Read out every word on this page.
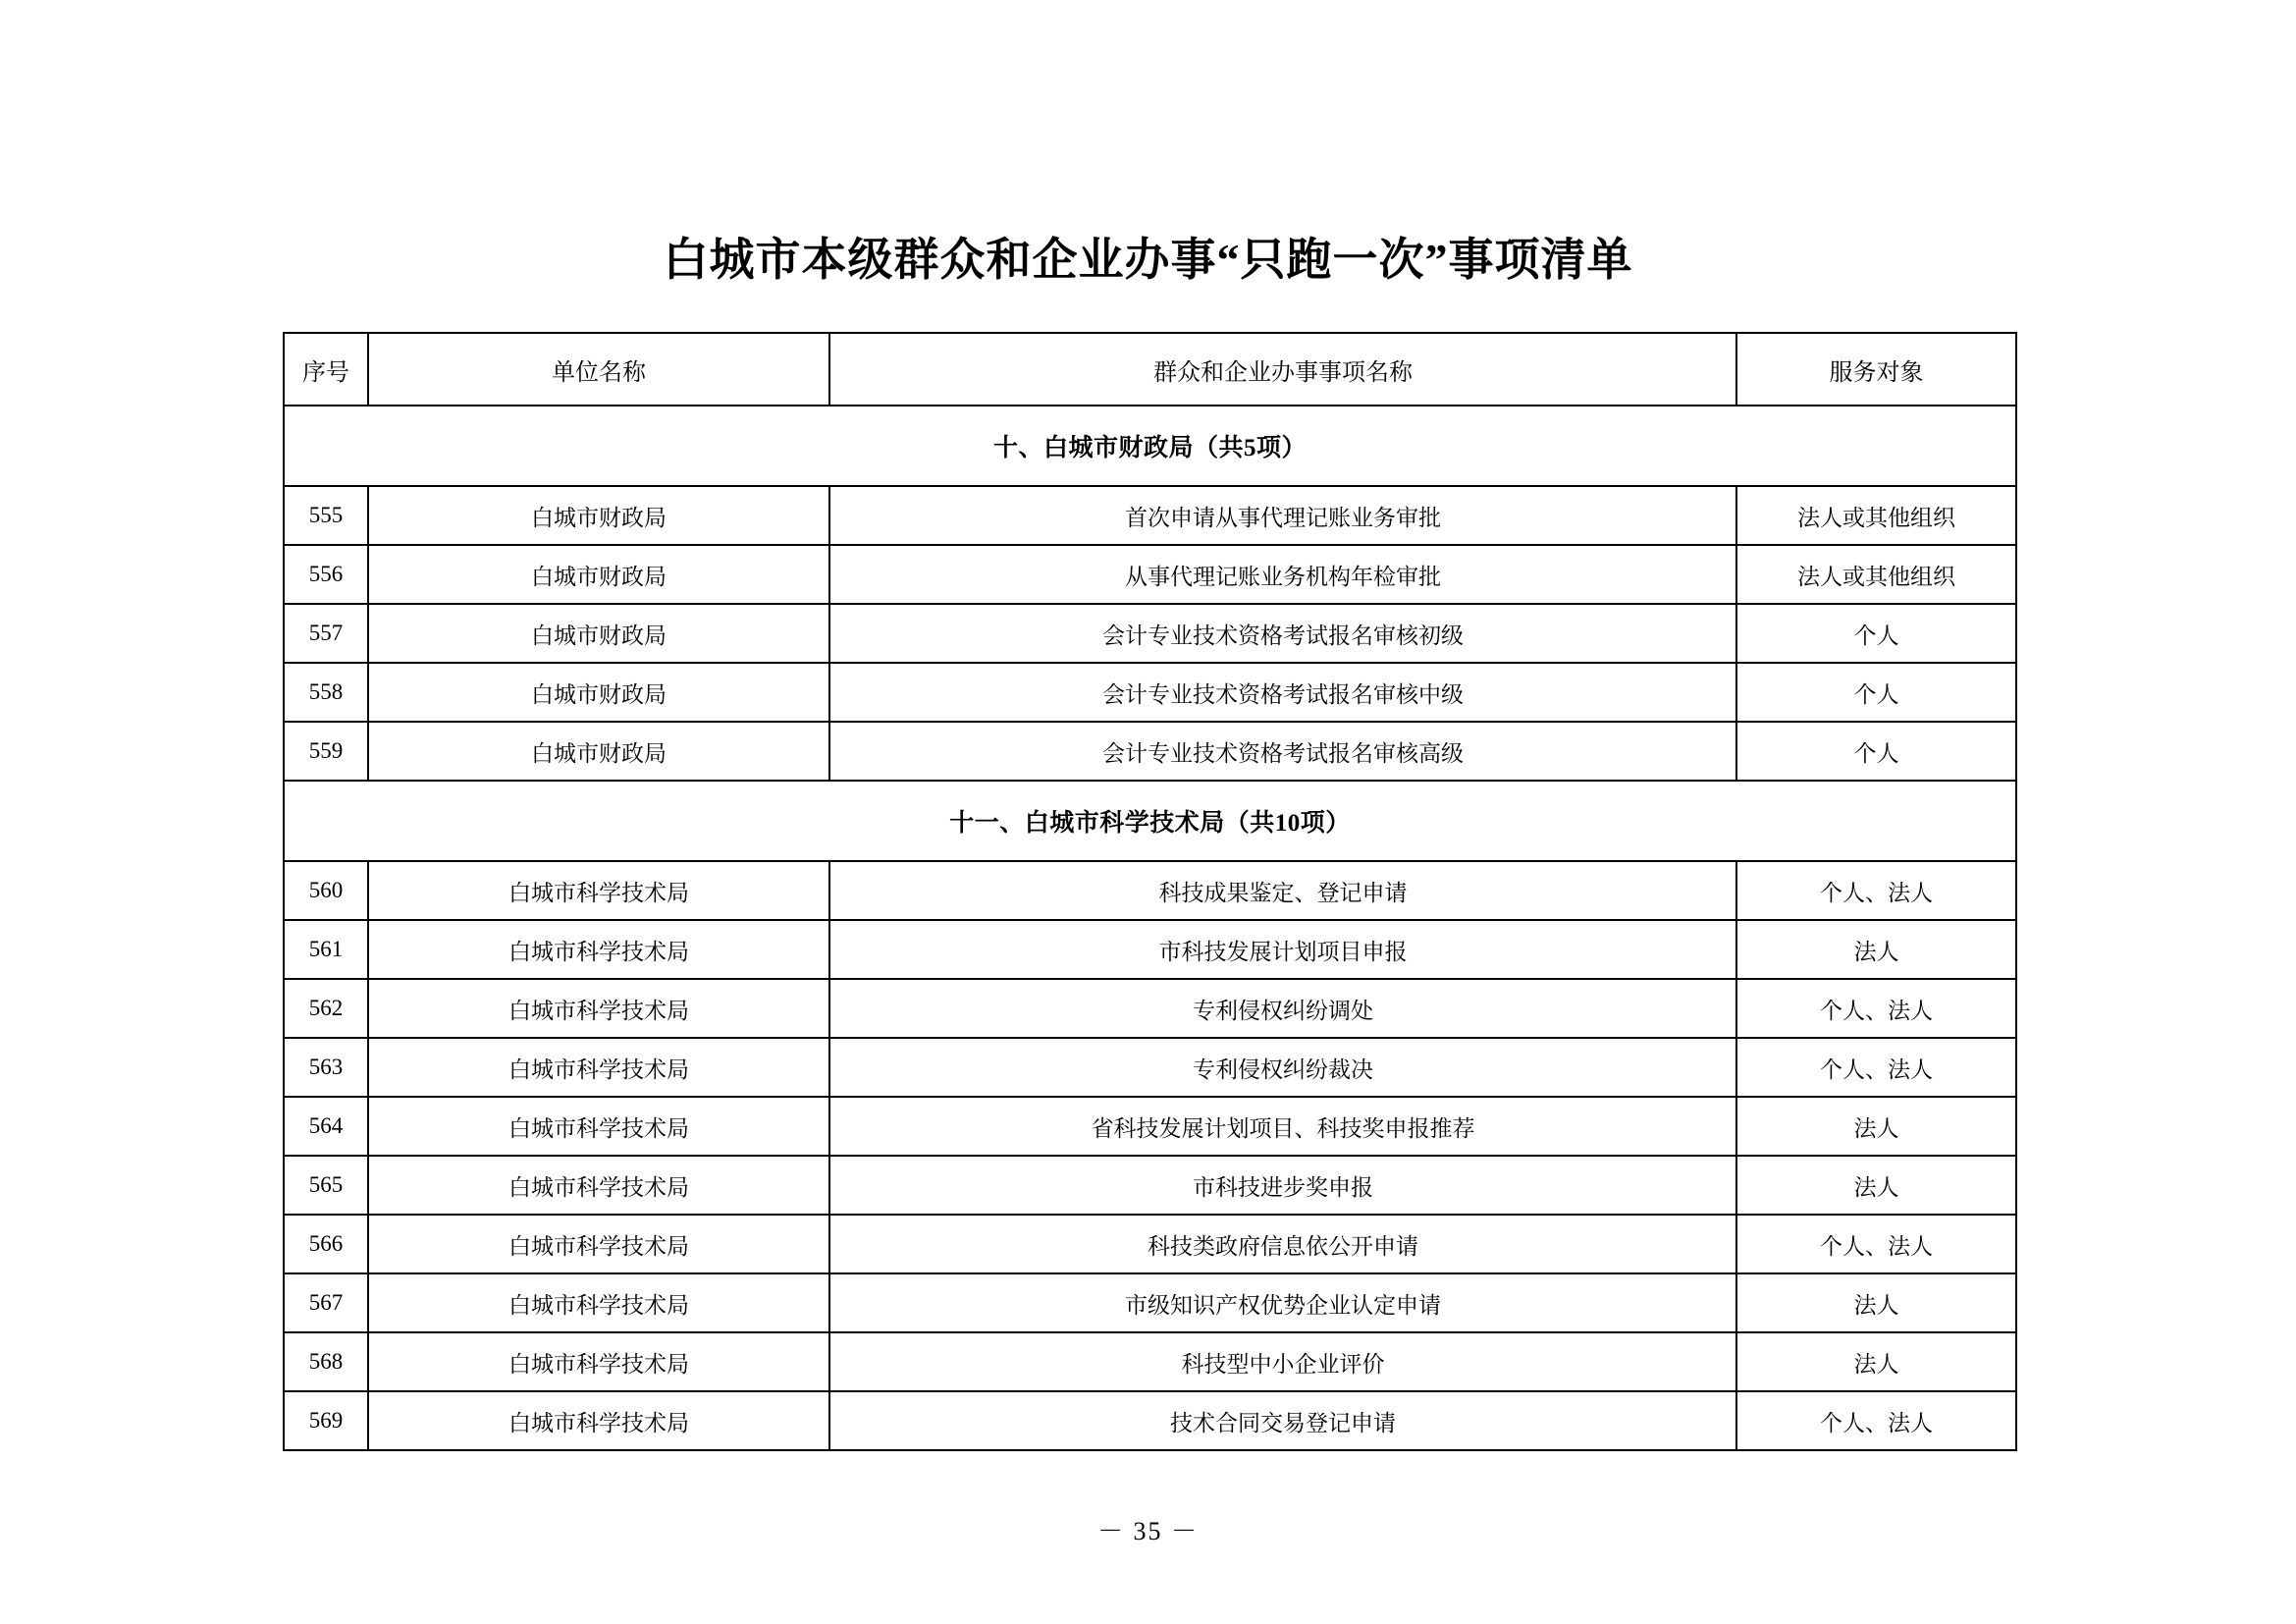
白城市本级群众和企业办事“只跑一次”事项清单
序号	单位名称	群众和企业办事事项名称	服务对象
十、白城市财政局（共5项）			
555	白城市财政局	首次申请从事代理记账业务审批	法人或其他组织
556	白城市财政局	从事代理记账业务机构年检审批	法人或其他组织
557	白城市财政局	会计专业技术资格考试报名审核初级	个人
558	白城市财政局	会计专业技术资格考试报名审核中级	个人
559	白城市财政局	会计专业技术资格考试报名审核高级	个人
十一、白城市科学技术局（共10项）			
560	白城市科学技术局	科技成果鉴定、登记申请	个人、法人
561	白城市科学技术局	市科技发展计划项目申报	法人
562	白城市科学技术局	专利侵权纠纷调处	个人、法人
563	白城市科学技术局	专利侵权纠纷裁决	个人、法人
564	白城市科学技术局	省科技发展计划项目、科技奖申报推荐	法人
565	白城市科学技术局	市科技进步奖申报	法人
566	白城市科学技术局	科技类政府信息依公开申请	个人、法人
567	白城市科学技术局	市级知识产权优势企业认定申请	法人
568	白城市科学技术局	科技型中小企业评价	法人
569	白城市科学技术局	技术合同交易登记申请	个人、法人
－ 35 －
